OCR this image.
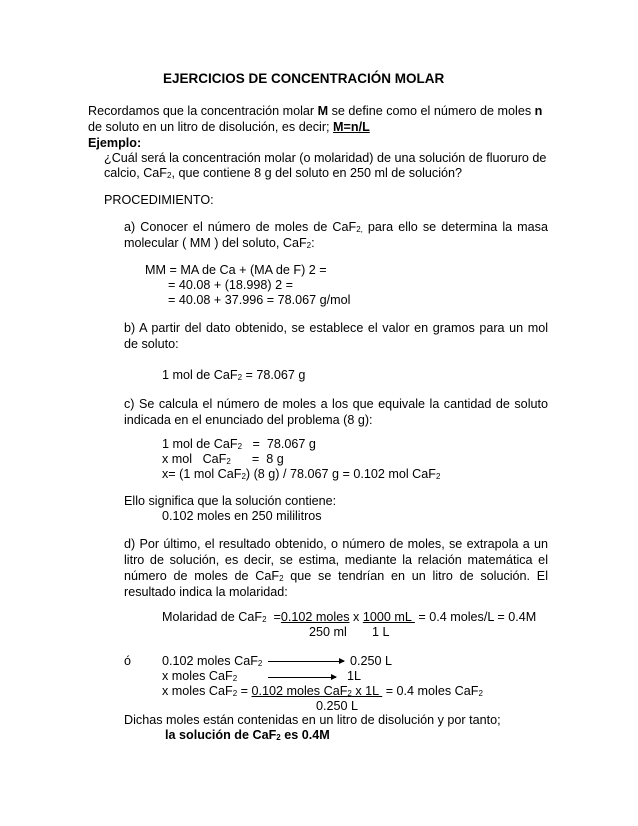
EJERCICIOS DE CONCENTRACIÓN MOLAR
Recordamos que la concentración molar M se define como el número de moles n
de soluto en un litro de disolución, es decir; M=n/L
Ejemplo:
¿Cuál será la concentración molar (o molaridad) de una solución de fluoruro de
calcio, CaF$_2$, que contiene 8 g del soluto en 250 ml de solución?
PROCEDIMIENTO:
a) Conocer el número de moles de CaF$_{2,}$ para ello se determina la masa
molecular ( MM ) del soluto, CaF$_2$:
MM = MA de Ca + (MA de F) 2 =
= 40.08 + (18.998) 2 =
= 40.08 + 37.996 = 78.067 g/mol
b) A partir del dato obtenido, se establece el valor en gramos para un mol
de soluto:
1 mol de CaF$_2$ = 78.067 g
c) Se calcula el número de moles a los que equivale la cantidad de soluto
indicada en el enunciado del problema (8 g):
1 mol de CaF$_2$   =  78.067 g
x mol   CaF$_2$      =  8 g
x= (1 mol CaF$_2$) (8 g) / 78.067 g = 0.102 mol CaF$_2$
Ello significa que la solución contiene:
0.102 moles en 250 mililitros
d) Por último, el resultado obtenido, o número de moles, se extrapola a un
litro de solución, es decir, se estima, mediante la relación matemática el
número de moles de CaF$_2$ que se tendrían en un litro de solución. El
resultado indica la molaridad:
Molaridad de CaF$_2$  =0.102 moles x 1000 mL  = 0.4 moles/L = 0.4M
250 ml 1 L
ó 0.102 moles CaF$_2$	0.250 L
x moles CaF$_2$	1L
x moles CaF$_2$ = 0.102 moles CaF$_2$ x 1L  = 0.4 moles CaF$_2$
0.250 L
Dichas moles están contenidas en un litro de disolución y por tanto;
la solución de CaF$_2$ es 0.4M
